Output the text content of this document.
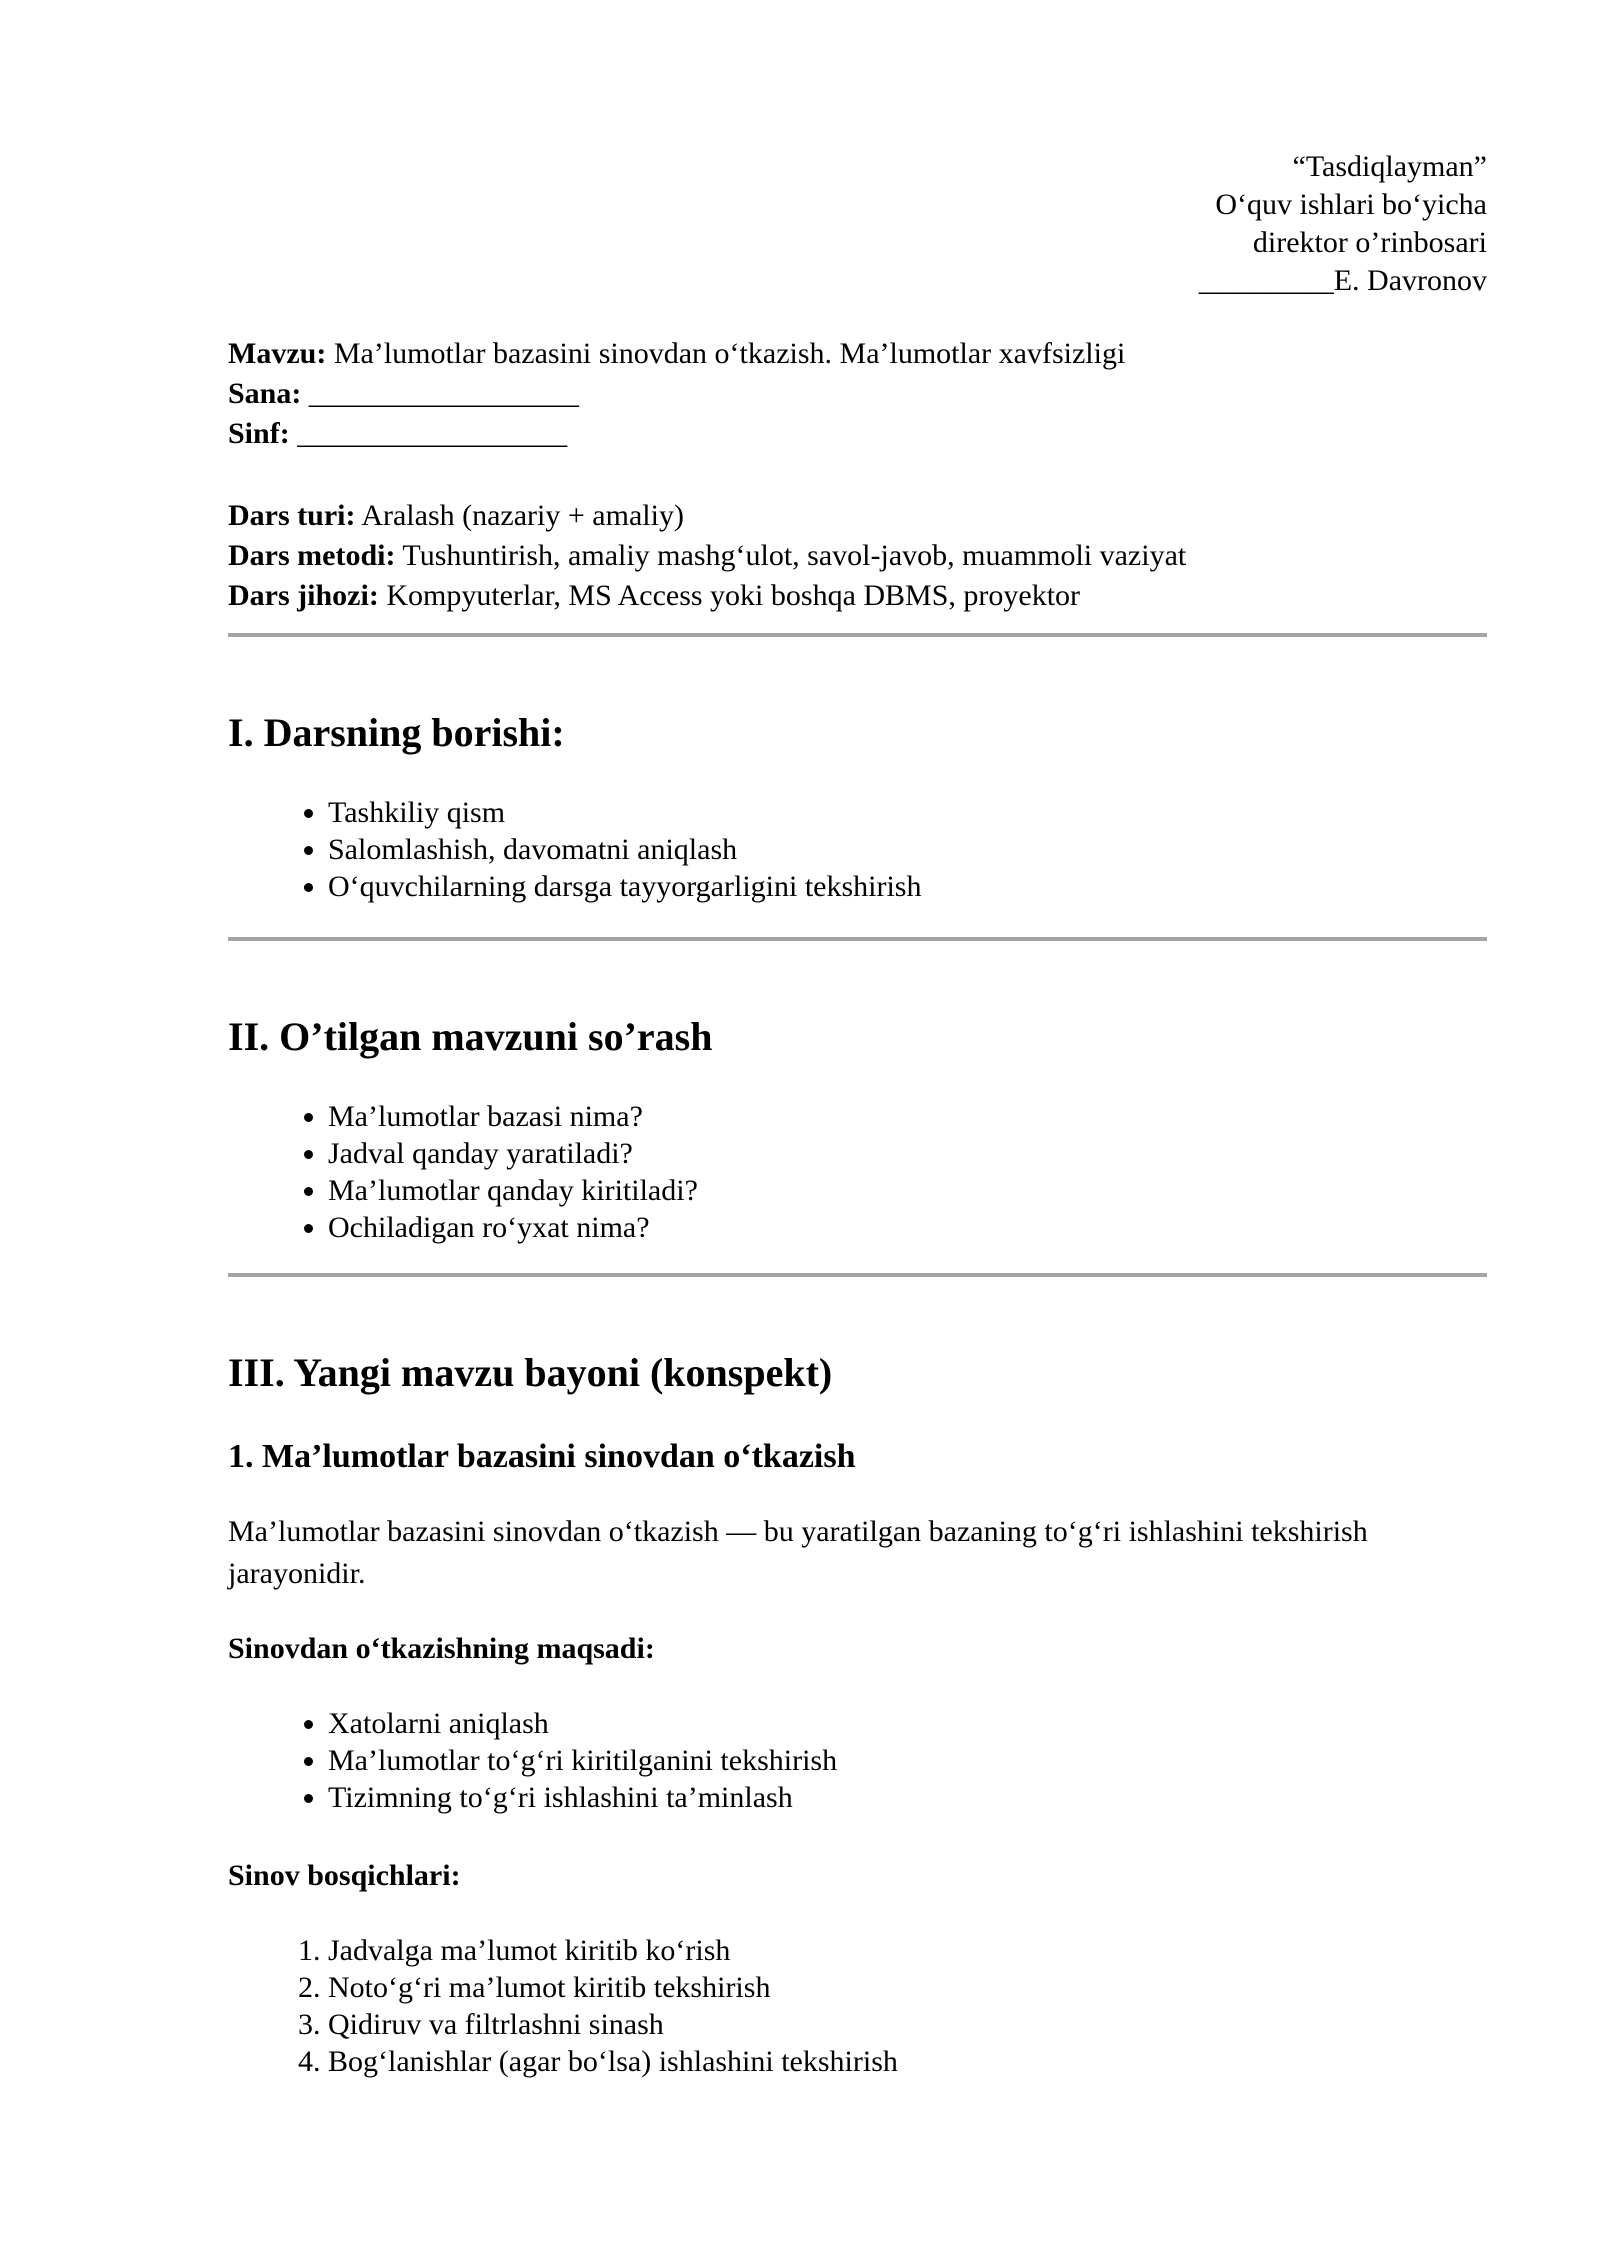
“Tasdiqlayman”
O‘quv ishlari bo‘yicha
direktor o’rinbosari
_________E. Davronov
Mavzu: Ma’lumotlar bazasini sinovdan o‘tkazish. Ma’lumotlar xavfsizligi
Sana: __________________
Sinf: __________________
Dars turi: Aralash (nazariy + amaliy)
Dars metodi: Tushuntirish, amaliy mashg‘ulot, savol-javob, muammoli vaziyat
Dars jihozi: Kompyuterlar, MS Access yoki boshqa DBMS, proyektor
I. Darsning borishi:
• Tashkiliy qism
• Salomlashish, davomatni aniqlash
• O‘quvchilarning darsga tayyorgarligini tekshirish
II. O’tilgan mavzuni so’rash
• Ma’lumotlar bazasi nima?
• Jadval qanday yaratiladi?
• Ma’lumotlar qanday kiritiladi?
• Ochiladigan ro‘yxat nima?
III. Yangi mavzu bayoni (konspekt)
1. Ma’lumotlar bazasini sinovdan o‘tkazish

Ma’lumotlar bazasini sinovdan o‘tkazish — bu yaratilgan bazaning to‘g‘ri ishlashini tekshirish jarayonidir.

Sinovdan o‘tkazishning maqsadi:
• Xatolarni aniqlash
• Ma’lumotlar to‘g‘ri kiritilganini tekshirish
• Tizimning to‘g‘ri ishlashini ta’minlash
Sinov bosqichlari:
1. Jadvalga ma’lumot kiritib ko‘rish
2. Noto‘g‘ri ma’lumot kiritib tekshirish
3. Qidiruv va filtrlashni sinash
4. Bog‘lanishlar (agar bo‘lsa) ishlashini tekshirish
